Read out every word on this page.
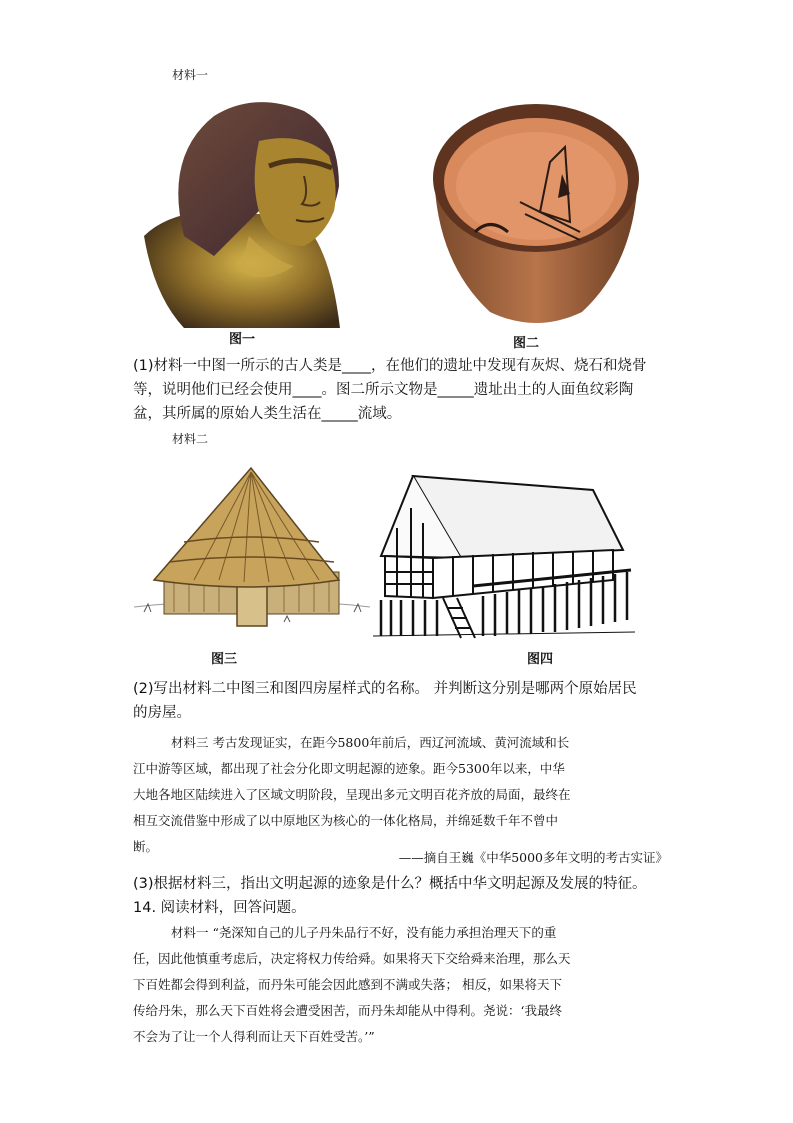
材料一
图一	图二
(1)材料一中图一所示的古人类是____，在他们的遗址中发现有灰烬、烧石和烧骨
等，说明他们已经会使用____。图二所示文物是_____遗址出土的人面鱼纹彩陶
盆，其所属的原始人类生活在_____流域。
材料二
图三	图四
(2)写出材料二中图三和图四房屋样式的名称。 并判断这分别是哪两个原始居民
的房屋。
材料三 考古发现证实，在距今5800年前后，西辽河流域、黄河流域和长
江中游等区域，都出现了社会分化即文明起源的迹象。距今5300年以来，中华
大地各地区陆续进入了区域文明阶段，呈现出多元文明百花齐放的局面，最终在
相互交流借鉴中形成了以中原地区为核心的一体化格局，并绵延数千年不曾中
断。
——摘自王巍《中华5000多年文明的考古实证》
(3)根据材料三，指出文明起源的迹象是什么？概括中华文明起源及发展的特征。
14. 阅读材料，回答问题。
材料一 “尧深知自己的儿子丹朱品行不好，没有能力承担治理天下的重
任，因此他慎重考虑后，决定将权力传给舜。如果将天下交给舜来治理，那么天
下百姓都会得到利益，而丹朱可能会因此感到不满或失落； 相反，如果将天下
传给丹朱，那么天下百姓将会遭受困苦，而丹朱却能从中得利。尧说：‘我最终
不会为了让一个人得利而让天下百姓受苦。’”
